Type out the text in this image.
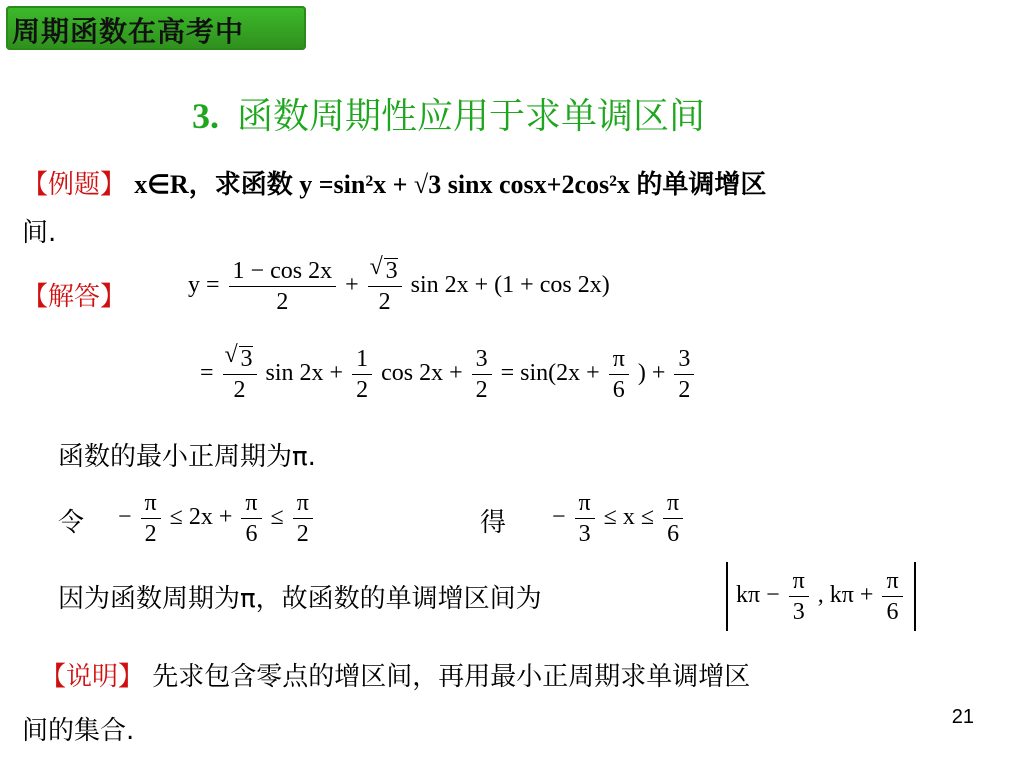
周期函数在高考中
3. 函数周期性应用于求单调区间
【例题】 x∈R，求函数 y =sin²x + √3 sinx cosx+2cos²x 的单调增区
间.
【解答】	$y = \frac{1 - \cos 2x}{2}$ + √ $\frac{3}{2}$ sin 2x + (1 + cos 2x)
= √ $\frac{3}{2}$ $\sin 2x + \frac{1}{2}$ $\cos 2x + \frac{3}{2} = \sin(2x + \frac{\pi}{6}$ ) + $\frac{3}{2}$
函数的最小正周期为π.
令 − $\frac{\pi}{2} \le 2x + \frac{\pi}{6} \le \frac{\pi}{2}$	得 − $\frac{\pi}{3} \le x \le \frac{\pi}{6}$
因为函数周期为π，故函数的单调增区间为	$k\pi - \frac{\pi}{3}$ , $k\pi + \frac{\pi}{6}$
【说明】 先求包含零点的增区间，再用最小正周期求单调增区
间的集合.	21
